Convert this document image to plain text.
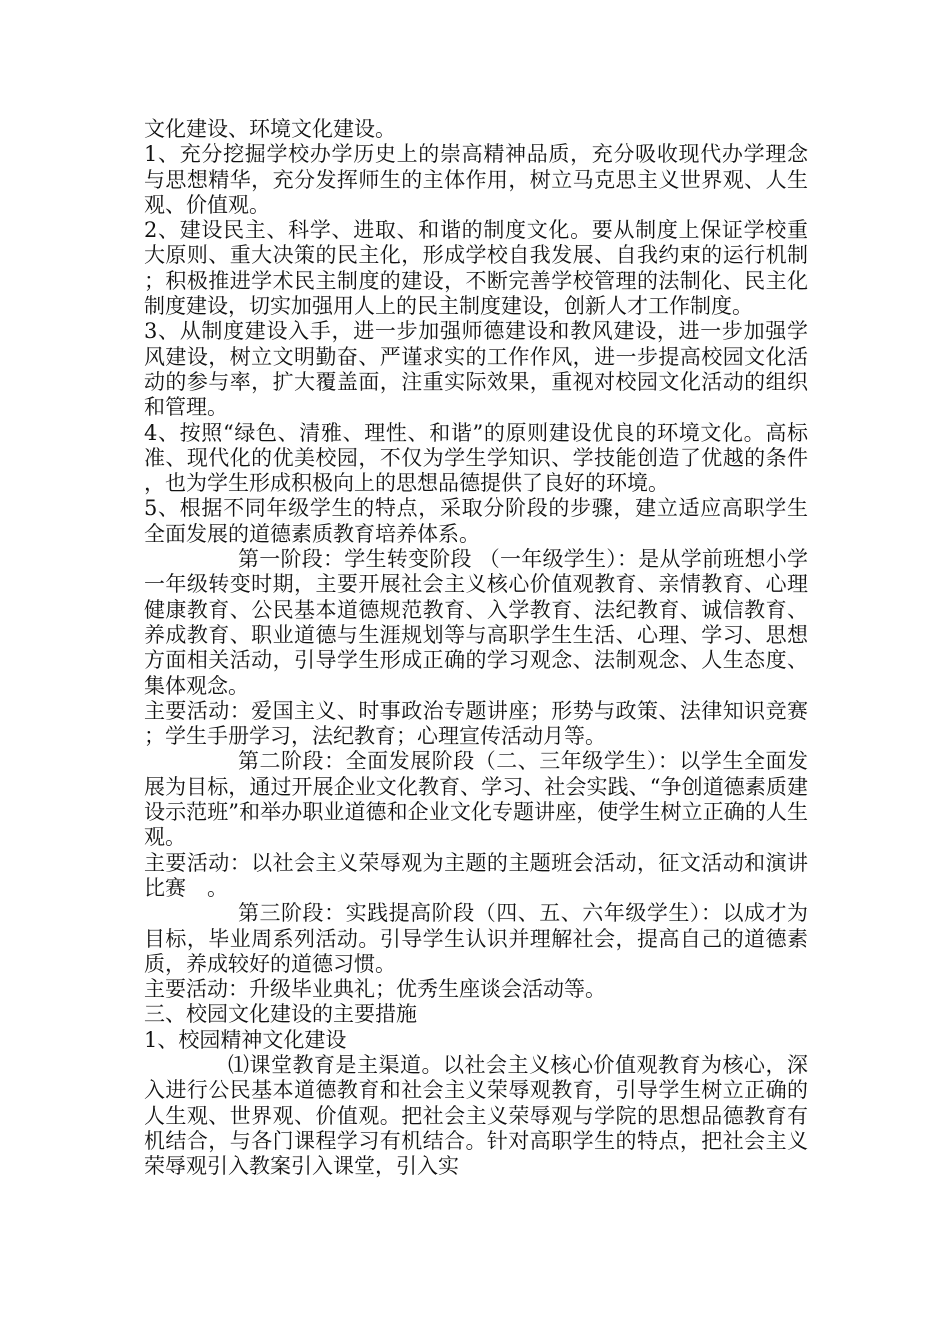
文化建设、环境文化建设。

1、充分挖掘学校办学历史上的崇高精神品质，充分吸收现代办学理念与思想精华，充分发挥师生的主体作用，树立马克思主义世界观、人生观、价值观。

2、建设民主、科学、进取、和谐的制度文化。要从制度上保证学校重大原则、重大决策的民主化，形成学校自我发展、自我约束的运行机制；积极推进学术民主制度的建设，不断完善学校管理的法制化、民主化制度建设，切实加强用人上的民主制度建设，创新人才工作制度。

3、从制度建设入手，进一步加强师德建设和教风建设，进一步加强学风建设，树立文明勤奋、严谨求实的工作作风，进一步提高校园文化活动的参与率，扩大覆盖面，注重实际效果，重视对校园文化活动的组织和管理。

4、按照“绿色、清雅、理性、和谐”的原则建设优良的环境文化。高标准、现代化的优美校园，不仅为学生学知识、学技能创造了优越的条件，也为学生形成积极向上的思想品德提供了良好的环境。

5、根据不同年级学生的特点，采取分阶段的步骤，建立适应高职学生全面发展的道德素质教育培养体系。

第一阶段：学生转变阶段 （一年级学生）：是从学前班想小学一年级转变时期，主要开展社会主义核心价值观教育、亲情教育、心理健康教育、公民基本道德规范教育、入学教育、法纪教育、诚信教育、养成教育、职业道德与生涯规划等与高职学生生活、心理、学习、思想方面相关活动，引导学生形成正确的学习观念、法制观念、人生态度、集体观念。

主要活动：爱国主义、时事政治专题讲座；形势与政策、法律知识竞赛；学生手册学习，法纪教育；心理宣传活动月等。

第二阶段：全面发展阶段（二、三年级学生）：以学生全面发展为目标，通过开展企业文化教育、学习、社会实践、“争创道德素质建设示范班”和举办职业道德和企业文化专题讲座，使学生树立正确的人生观。

主要活动：以社会主义荣辱观为主题的主题班会活动，征文活动和演讲比赛　。

第三阶段：实践提高阶段（四、五、六年级学生）：以成才为目标，毕业周系列活动。引导学生认识并理解社会，提高自己的道德素质，养成较好的道德习惯。

主要活动：升级毕业典礼；优秀生座谈会活动等。

三、校园文化建设的主要措施

1、校园精神文化建设

⑴课堂教育是主渠道。以社会主义核心价值观教育为核心，深入进行公民基本道德教育和社会主义荣辱观教育，引导学生树立正确的人生观、世界观、价值观。把社会主义荣辱观与学院的思想品德教育有机结合，与各门课程学习有机结合。针对高职学生的特点，把社会主义荣辱观引入教案引入课堂，引入实
